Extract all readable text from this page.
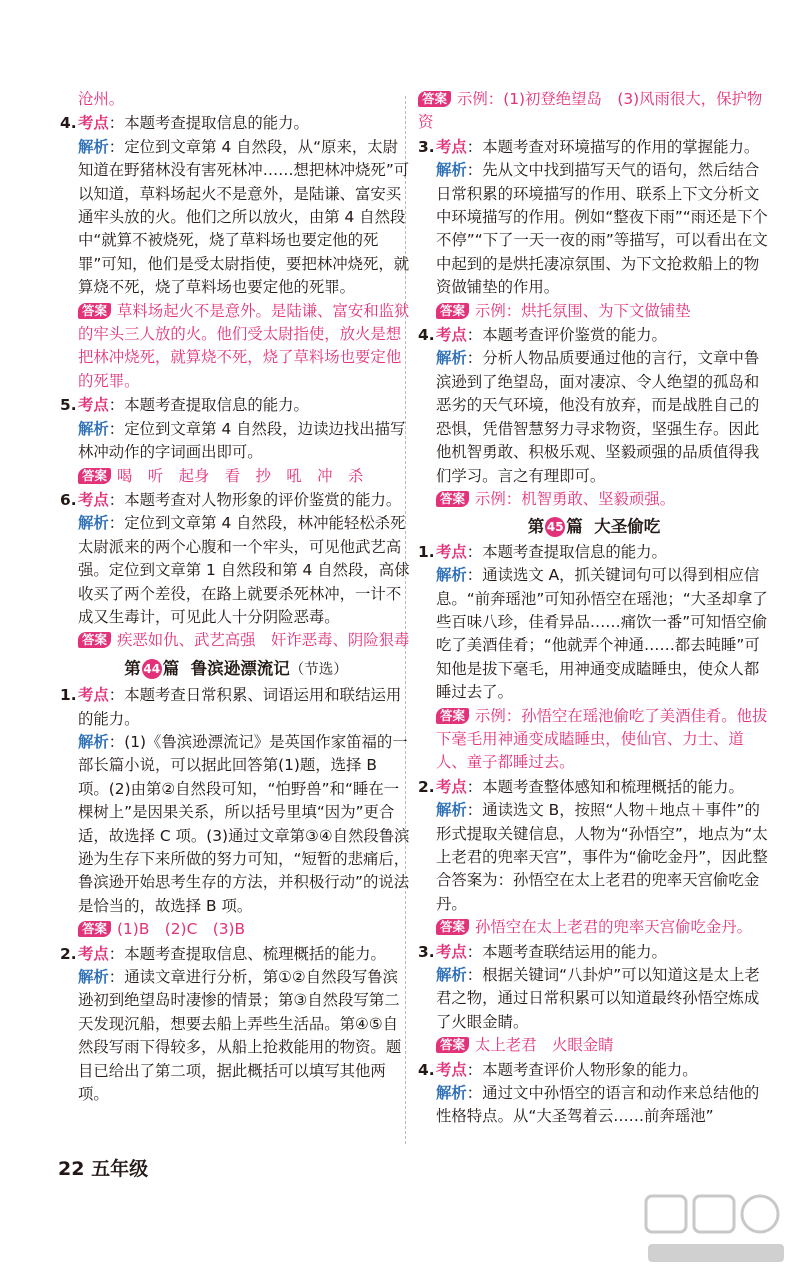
沧州。
4. 考点：本题考查提取信息的能力。
解析：定位到文章第 4 自然段，从“原来，太尉知道在野猪林没有害死林冲……想把林冲烧死”可以知道，草料场起火不是意外，是陆谦、富安买通牢头放的火。他们之所以放火，由第 4 自然段中“就算不被烧死，烧了草料场也要定他的死罪”可知，他们是受太尉指使，要把林冲烧死，就算烧不死，烧了草料场也要定他的死罪。
答案 草料场起火不是意外。是陆谦、富安和监狱的牢头三人放的火。他们受太尉指使，放火是想把林冲烧死，就算烧不死，烧了草料场也要定他的死罪。
5. 考点：本题考查提取信息的能力。
解析：定位到文章第 4 自然段，边读边找出描写林冲动作的字词画出即可。
答案 喝　听　起身　看　抄　吼　冲　杀
6. 考点：本题考查对人物形象的评价鉴赏的能力。
解析：定位到文章第 4 自然段，林冲能轻松杀死太尉派来的两个心腹和一个牢头，可见他武艺高强。定位到文章第 1 自然段和第 4 自然段，高俅收买了两个差役，在路上就要杀死林冲，一计不成又生毒计，可见此人十分阴险恶毒。
答案 疾恶如仇、武艺高强　奸诈恶毒、阴险狠毒
第 44 篇 鲁滨逊漂流记（节选）
1. 考点：本题考查日常积累、词语运用和联结运用的能力。
解析：(1)《鲁滨逊漂流记》是英国作家笛福的一部长篇小说，可以据此回答第(1)题，选择 B 项。(2)由第②自然段可知，“怕野兽”和“睡在一棵树上”是因果关系，所以括号里填“因为”更合适，故选择 C 项。(3)通过文章第③④自然段鲁滨逊为生存下来所做的努力可知，“短暂的悲痛后，鲁滨逊开始思考生存的方法，并积极行动”的说法是恰当的，故选择 B 项。
答案 (1)B　(2)C　(3)B
2. 考点：本题考查提取信息、梳理概括的能力。
解析：通读文章进行分析，第①②自然段写鲁滨逊初到绝望岛时凄惨的情景；第③自然段写第二天发现沉船，想要去船上弄些生活品。第④⑤自然段写雨下得较多，从船上抢救能用的物资。题目已给出了第二项，据此概括可以填写其他两项。
答案 示例：(1)初登绝望岛　(3)风雨很大，保护物资
3. 考点：本题考查对环境描写的作用的掌握能力。
解析：先从文中找到描写天气的语句，然后结合日常积累的环境描写的作用、联系上下文分析文中环境描写的作用。例如“整夜下雨”“雨还是下个不停”“下了一天一夜的雨”等描写，可以看出在文中起到的是烘托凄凉氛围、为下文抢救船上的物资做铺垫的作用。
答案 示例：烘托氛围、为下文做铺垫
4. 考点：本题考查评价鉴赏的能力。
解析：分析人物品质要通过他的言行，文章中鲁滨逊到了绝望岛，面对凄凉、令人绝望的孤岛和恶劣的天气环境，他没有放弃，而是战胜自己的恐惧，凭借智慧努力寻求物资，坚强生存。因此他机智勇敢、积极乐观、坚毅顽强的品质值得我们学习。言之有理即可。
答案 示例：机智勇敢、坚毅顽强。
第 45 篇 大圣偷吃
1. 考点：本题考查提取信息的能力。
解析：通读选文 A，抓关键词句可以得到相应信息。“前奔瑶池”可知孙悟空在瑶池；“大圣却拿了些百味八珍，佳肴异品……痛饮一番”可知悟空偷吃了美酒佳肴；“他就弄个神通……都去盹睡”可知他是拔下毫毛，用神通变成瞌睡虫，使众人都睡过去了。
答案 示例：孙悟空在瑶池偷吃了美酒佳肴。他拔下毫毛用神通变成瞌睡虫，使仙官、力士、道人、童子都睡过去。
2. 考点：本题考查整体感知和梳理概括的能力。
解析：通读选文 B，按照“人物＋地点＋事件”的形式提取关键信息，人物为“孙悟空”，地点为“太上老君的兜率天宫”，事件为“偷吃金丹”，因此整合答案为：孙悟空在太上老君的兜率天宫偷吃金丹。
答案 孙悟空在太上老君的兜率天宫偷吃金丹。
3. 考点：本题考查联结运用的能力。
解析：根据关键词“八卦炉”可以知道这是太上老君之物，通过日常积累可以知道最终孙悟空炼成了火眼金睛。
答案 太上老君　火眼金睛
4. 考点：本题考查评价人物形象的能力。
解析：通过文中孙悟空的语言和动作来总结他的性格特点。从“大圣驾着云……前奔瑶池”
22 五年级
